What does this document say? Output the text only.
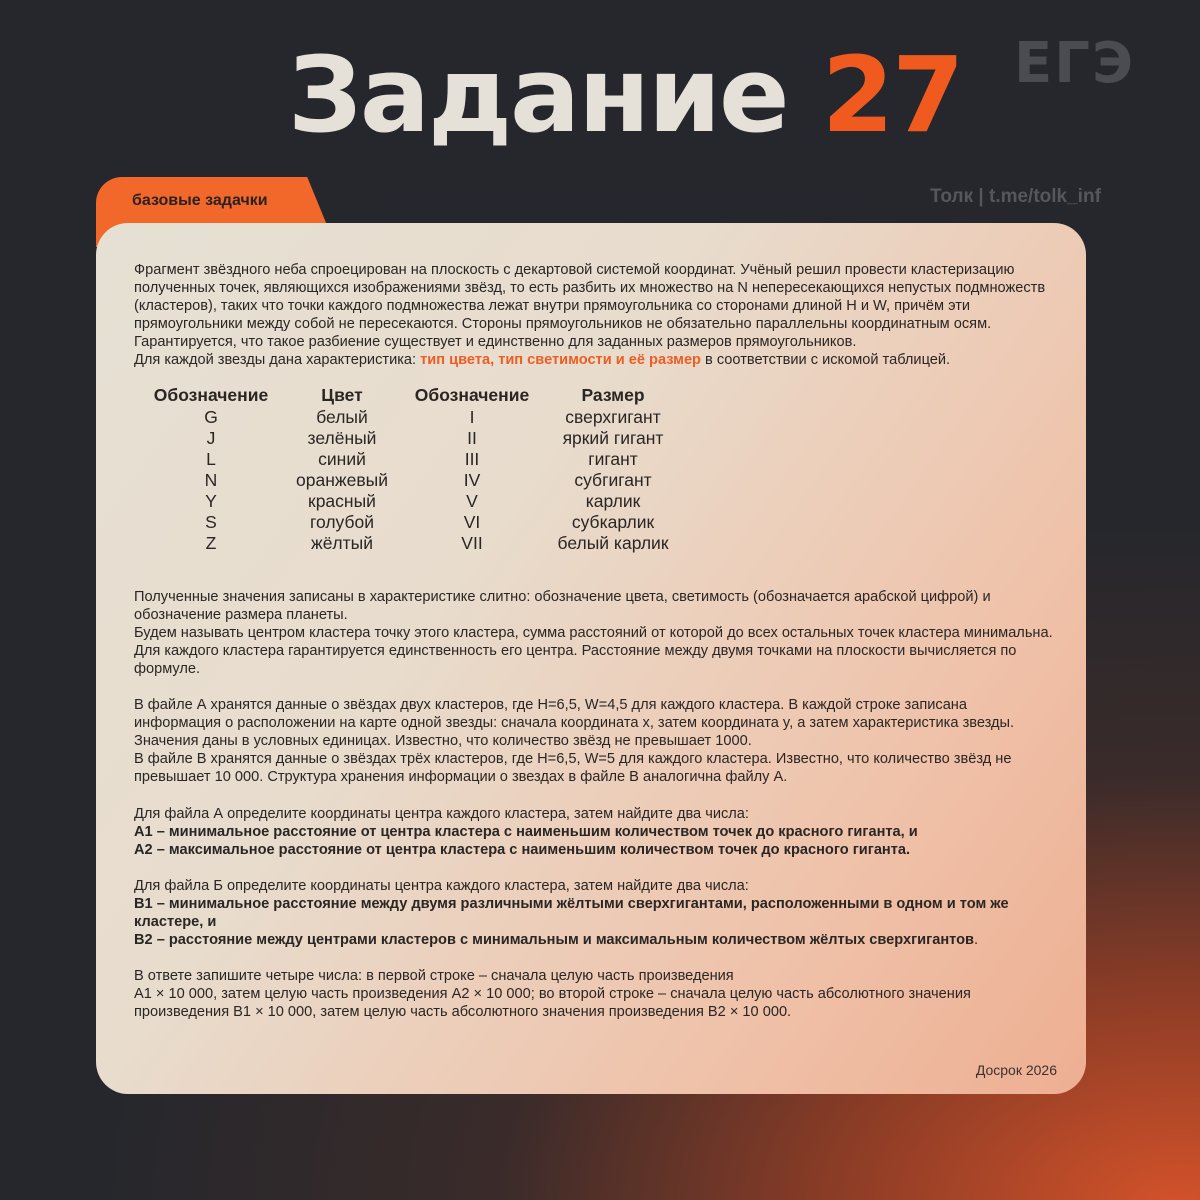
Задание 27 ЕГЭ
базовые задачки	Толк | t.me/tolk_inf

Фрагмент звёздного неба спроецирован на плоскость с декартовой системой координат. Учёный решил провести кластеризацию полученных точек, являющихся изображениями звёзд, то есть разбить их множество на N непересекающихся непустых подмножеств (кластеров), таких что точки каждого подмножества лежат внутри прямоугольника со сторонами длиной H и W, причём эти прямоугольники между собой не пересекаются. Стороны прямоугольников не обязательно параллельны координатным осям.

Гарантируется, что такое разбиение существует и единственно для заданных размеров прямоугольников.

Для каждой звезды дана характеристика: тип цвета, тип светимости и её размер в соответствии с искомой таблицей.

Обозначение	Цвет	Обозначение	Размер
G	белый	I	сверхгигант
J	зелёный	II	яркий гигант
L	синий	III	гигант
N	оранжевый	IV	субгигант
Y	красный	V	карлик
S	голубой	VI	субкарлик
Z	жёлтый	VII	белый карлик

Полученные значения записаны в характеристике слитно: обозначение цвета, светимость (обозначается арабской цифрой) и обозначение размера планеты.

Будем называть центром кластера точку этого кластера, сумма расстояний от которой до всех остальных точек кластера минимальна. Для каждого кластера гарантируется единственность его центра. Расстояние между двумя точками на плоскости вычисляется по формуле.

В файле А хранятся данные о звёздах двух кластеров, где H=6,5, W=4,5 для каждого кластера. В каждой строке записана информация о расположении на карте одной звезды: сначала координата x, затем координата y, а затем характеристика звезды. Значения даны в условных единицах. Известно, что количество звёзд не превышает 1000.

В файле B хранятся данные о звёздах трёх кластеров, где H=6,5, W=5 для каждого кластера. Известно, что количество звёзд не превышает 10 000. Структура хранения информации о звездах в файле B аналогична файлу А.

Для файла А определите координаты центра каждого кластера, затем найдите два числа:

A1 – минимальное расстояние от центра кластера с наименьшим количеством точек до красного гиганта, и

A2 – максимальное расстояние от центра кластера с наименьшим количеством точек до красного гиганта.

Для файла Б определите координаты центра каждого кластера, затем найдите два числа:

B1 – минимальное расстояние между двумя различными жёлтыми сверхгигантами, расположенными в одном и том же кластере, и

B2 – расстояние между центрами кластеров с минимальным и максимальным количеством жёлтых сверхгигантов.

В ответе запишите четыре числа: в первой строке – сначала целую часть произведения

A1 × 10 000, затем целую часть произведения A2 × 10 000; во второй строке – сначала целую часть абсолютного значения произведения B1 × 10 000, затем целую часть абсолютного значения произведения B2 × 10 000.

Досрок 2026
